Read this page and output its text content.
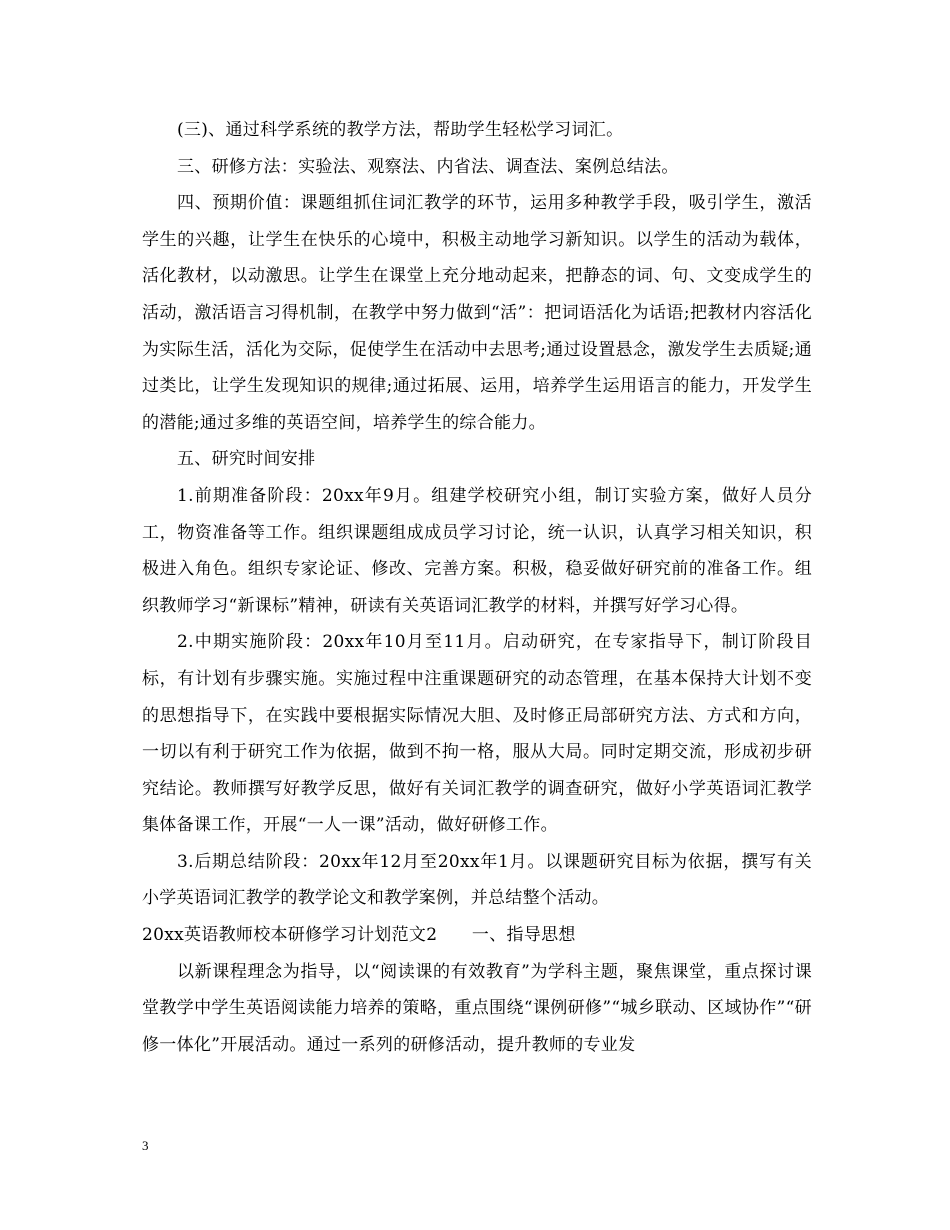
(三)、通过科学系统的教学方法，帮助学生轻松学习词汇。

三、研修方法：实验法、观察法、内省法、调查法、案例总结法。

四、预期价值：课题组抓住词汇教学的环节，运用多种教学手段，吸引学生，激活学生的兴趣，让学生在快乐的心境中，积极主动地学习新知识。以学生的活动为载体，活化教材，以动激思。让学生在课堂上充分地动起来，把静态的词、句、文变成学生的活动，激活语言习得机制，在教学中努力做到“活”：把词语活化为话语;把教材内容活化为实际生活，活化为交际，促使学生在活动中去思考;通过设置悬念，激发学生去质疑;通过类比，让学生发现知识的规律;通过拓展、运用，培养学生运用语言的能力，开发学生的潜能;通过多维的英语空间，培养学生的综合能力。

五、研究时间安排

1.前期准备阶段：20xx年9月。组建学校研究小组，制订实验方案，做好人员分工，物资准备等工作。组织课题组成成员学习讨论，统一认识，认真学习相关知识，积极进入角色。组织专家论证、修改、完善方案。积极，稳妥做好研究前的准备工作。组织教师学习“新课标”精神，研读有关英语词汇教学的材料，并撰写好学习心得。

2.中期实施阶段：20xx年10月至11月。启动研究，在专家指导下，制订阶段目标，有计划有步骤实施。实施过程中注重课题研究的动态管理，在基本保持大计划不变的思想指导下，在实践中要根据实际情况大胆、及时修正局部研究方法、方式和方向，一切以有利于研究工作为依据，做到不拘一格，服从大局。同时定期交流，形成初步研究结论。教师撰写好教学反思，做好有关词汇教学的调查研究，做好小学英语词汇教学集体备课工作，开展“一人一课”活动，做好研修工作。

3.后期总结阶段：20xx年12月至20xx年1月。以课题研究目标为依据，撰写有关小学英语词汇教学的教学论文和教学案例，并总结整个活动。

20xx英语教师校本研修学习计划范文2　　一、指导思想

以新课程理念为指导，以“阅读课的有效教育”为学科主题，聚焦课堂，重点探讨课堂教学中学生英语阅读能力培养的策略，重点围绕“课例研修”“城乡联动、区域协作”“研修一体化”开展活动。通过一系列的研修活动，提升教师的专业发

3
